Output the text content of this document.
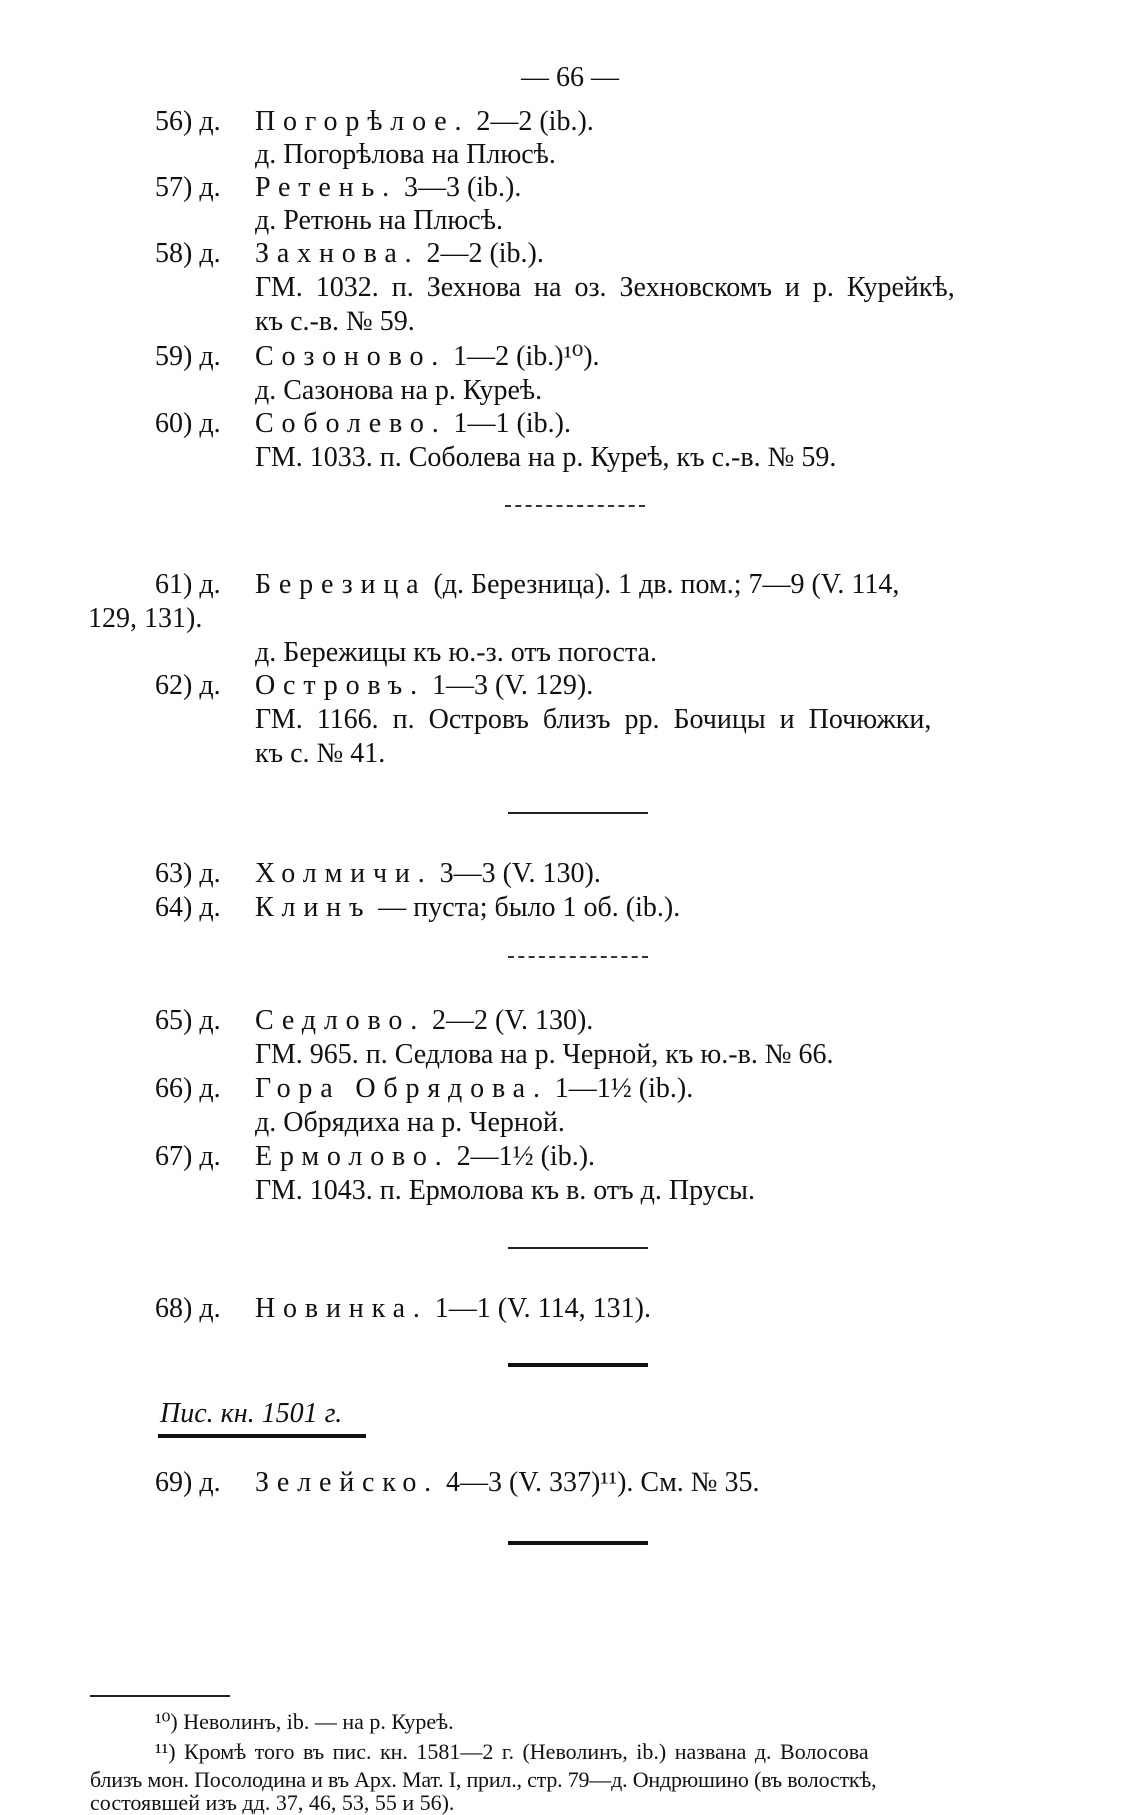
— 66 —
56) д. Погорѣлое. 2—2 (ib.).
д. Погорѣлова на Плюсѣ.
57) д. Ретень. 3—3 (ib.).
д. Ретюнь на Плюсѣ.
58) д. Захнова. 2—2 (ib.).
ГМ. 1032. п. Зехнова на оз. Зехновскомъ и р. Курейкѣ,
къ с.-в. № 59.
59) д. Созоново. 1—2 (ib.)¹⁰).
д. Сазонова на р. Куреѣ.
60) д. Соболево. 1—1 (ib.).
ГМ. 1033. п. Соболева на р. Куреѣ, къ с.-в. № 59.
61) д. Березица (д. Березница). 1 дв. пом.; 7—9 (V. 114,
129, 131).
д. Бережицы къ ю.-з. отъ погоста.
62) д. Островъ. 1—3 (V. 129).
ГМ. 1166. п. Островъ близъ рр. Бочицы и Почюжки,
къ с. № 41.
63) д. Холмичи. 3—3 (V. 130).
64) д. Клинъ — пуста; было 1 об. (ib.).
65) д. Седлово. 2—2 (V. 130).
ГМ. 965. п. Седлова на р. Черной, къ ю.-в. № 66.
66) д. Гора Обрядова. 1—1½ (ib.).
д. Обрядиха на р. Черной.
67) д. Ермолово. 2—1½ (ib.).
ГМ. 1043. п. Ермолова къ в. отъ д. Прусы.
68) д. Новинка. 1—1 (V. 114, 131).
Пис. кн. 1501 г.
69) д. Зелейско. 4—3 (V. 337)¹¹). См. № 35.
¹⁰) Неволинъ, ib. — на р. Куреѣ.
¹¹) Кромѣ того въ пис. кн. 1581—2 г. (Неволинъ, ib.) названа д. Волосова
близъ мон. Посолодина и въ Арх. Мат. I, прил., стр. 79—д. Ондрюшино (въ волосткѣ,
состоявшей изъ дд. 37, 46, 53, 55 и 56).
